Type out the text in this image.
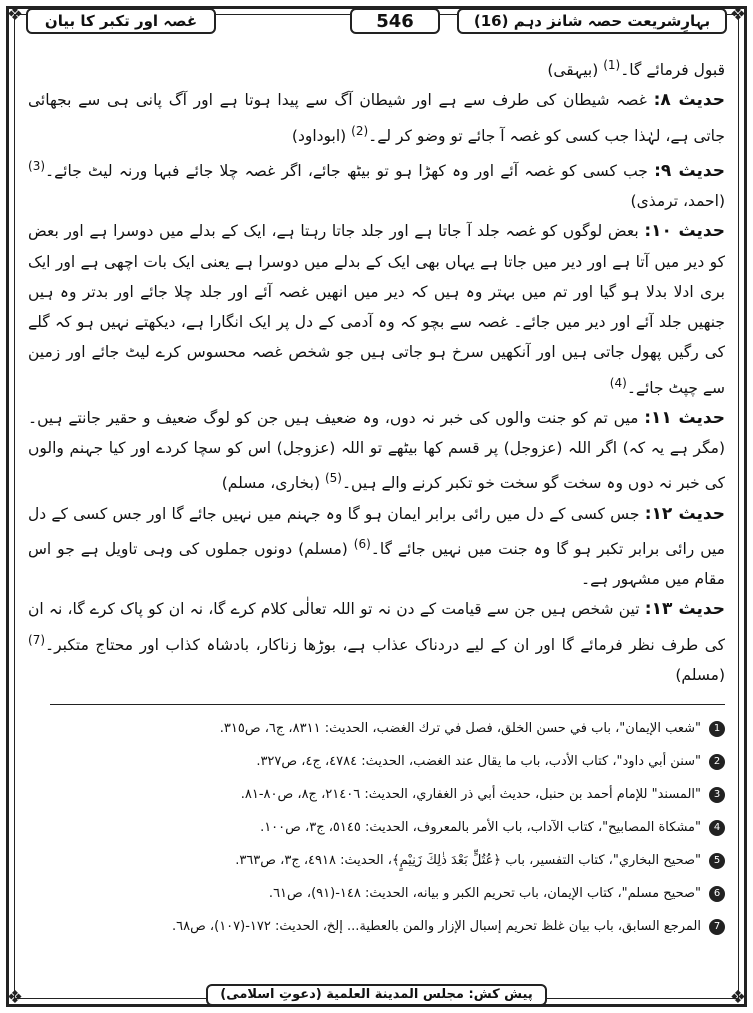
❖	❖
❖	❖
بہارِشریعت حصہ شانز دہم (16)
546
غصہ اور تکبر کا بیان

قبول فرمائے گا۔$^{(1)}$ (بیہقی)

حدیث ۸: غصہ شیطان کی طرف سے ہے اور شیطان آگ سے پیدا ہوتا ہے اور آگ پانی ہی سے بجھائی جاتی ہے، لہٰذا جب کسی کو غصہ آ جائے تو وضو کر لے۔$^{(2)}$ (ابوداود)

حدیث ۹: جب کسی کو غصہ آئے اور وہ کھڑا ہو تو بیٹھ جائے، اگر غصہ چلا جائے فبہا ورنہ لیٹ جائے۔$^{(3)}$ (احمد، ترمذی)

حدیث ۱۰: بعض لوگوں کو غصہ جلد آ جاتا ہے اور جلد جاتا رہتا ہے، ایک کے بدلے میں دوسرا ہے اور بعض کو دیر میں آتا ہے اور دیر میں جاتا ہے یہاں بھی ایک کے بدلے میں دوسرا ہے یعنی ایک بات اچھی ہے اور ایک بری ادلا بدلا ہو گیا اور تم میں بہتر وہ ہیں کہ دیر میں انھیں غصہ آئے اور جلد چلا جائے اور بدتر وہ ہیں جنھیں جلد آئے اور دیر میں جائے۔ غصہ سے بچو کہ وہ آدمی کے دل پر ایک انگارا ہے، دیکھتے نہیں ہو کہ گلے کی رگیں پھول جاتی ہیں اور آنکھیں سرخ ہو جاتی ہیں جو شخص غصہ محسوس کرے لیٹ جائے اور زمین سے چپٹ جائے۔$^{(4)}$

حدیث ۱۱: میں تم کو جنت والوں کی خبر نہ دوں، وہ ضعیف ہیں جن کو لوگ ضعیف و حقیر جانتے ہیں۔ (مگر ہے یہ کہ) اگر اللہ (عزوجل) پر قسم کھا بیٹھے تو اللہ (عزوجل) اس کو سچا کردے اور کیا جہنم والوں کی خبر نہ دوں وہ سخت گو سخت خو تکبر کرنے والے ہیں۔$^{(5)}$ (بخاری، مسلم)

حدیث ۱۲: جس کسی کے دل میں رائی برابر ایمان ہو گا وہ جہنم میں نہیں جائے گا اور جس کسی کے دل میں رائی برابر تکبر ہو گا وہ جنت میں نہیں جائے گا۔$^{(6)}$ (مسلم) دونوں جملوں کی وہی تاویل ہے جو اس مقام میں مشہور ہے۔

حدیث ۱۳: تین شخص ہیں جن سے قیامت کے دن نہ تو اللہ تعالٰی کلام کرے گا، نہ ان کو پاک کرے گا، نہ ان کی طرف نظر فرمائے گا اور ان کے لیے دردناک عذاب ہے، بوڑھا زناکار، بادشاہ کذاب اور محتاج متکبر۔$^{(7)}$ (مسلم)

1
"شعب الإيمان"، باب في حسن الخلق، فصل في ترك الغضب، الحديث: ٨٣١١، ج٦، ص٣١٥.
2
"سنن أبي داود"، كتاب الأدب، باب ما يقال عند الغضب، الحديث: ٤٧٨٤، ج٤، ص٣٢٧.
3
"المسند" للإمام أحمد بن حنبل، حديث أبي ذر الغفاري، الحديث: ٢١٤٠٦، ج٨، ص٨٠-٨١.
4
"مشكاة المصابيح"، كتاب الآداب، باب الأمر بالمعروف، الحديث: ٥١٤٥، ج٣، ص١٠٠.
5
"صحيح البخاري"، كتاب التفسير، باب ﴿عُتُلٍّ بَعْدَ ذٰلِكَ زَنِيْمٍ﴾، الحديث: ٤٩١٨، ج٣، ص٣٦٣.
6
"صحيح مسلم"، كتاب الإيمان، باب تحريم الكبر و بيانه، الحديث: ١٤٨-(٩١)، ص٦١.
7
المرجع السابق، باب بيان غلظ تحريم إسبال الإزار والمن بالعطية... إلخ، الحديث: ١٧٢-(١٠٧)، ص٦٨.
پیش کش: مجلس المدينة العلمية (دعوتِ اسلامی)
